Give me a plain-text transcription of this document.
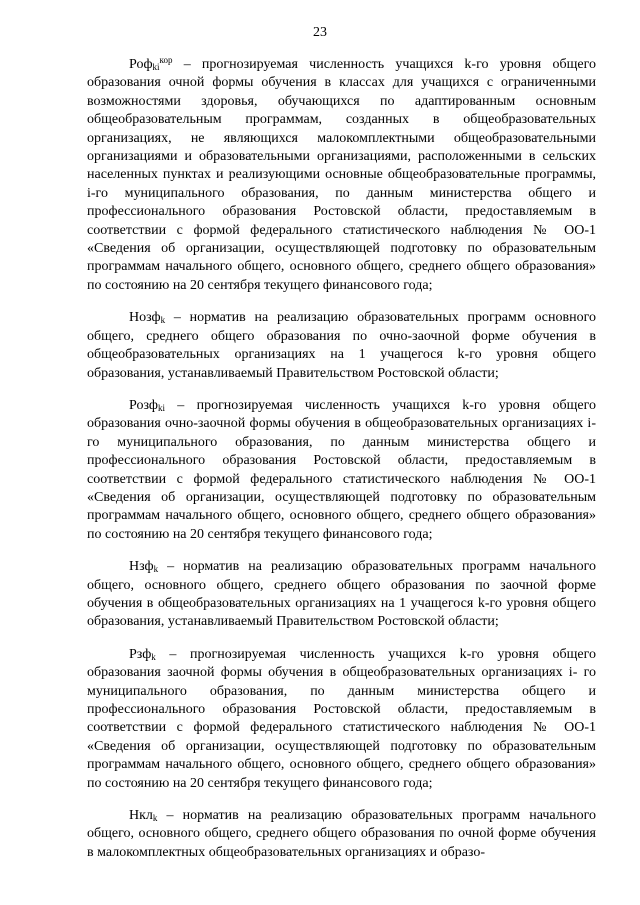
23

Роф$_{ki}^{кор}$ – прогнозируемая численность учащихся k-го уровня общего образования очной формы обучения в классах для учащихся с ограниченными возможностями здоровья, обучающихся по адаптированным основным общеобразовательным программам, созданных в общеобразовательных организациях, не являющихся малокомплектными общеобразовательными организациями и образовательными организациями, расположенными в сельских населенных пунктах и реализующими основные общеобразовательные программы, i-го муниципального образования, по данным министерства общего и профессионального образования Ростовской области, предоставляемым в соответствии с формой федерального статистического наблюдения № ОО-1 «Сведения об организации, осуществляющей подготовку по образовательным программам начального общего, основного общего, среднего общего образования» по состоянию на 20 сентября текущего финансового года;

Нозф$_k$ – норматив на реализацию образовательных программ основного общего, среднего общего образования по очно-заочной форме обучения в общеобразовательных организациях на 1 учащегося k-го уровня общего образования, устанавливаемый Правительством Ростовской области;

Розф$_{ki}$ – прогнозируемая численность учащихся k-го уровня общего образования очно-заочной формы обучения в общеобразовательных организациях i-го муниципального образования, по данным министерства общего и профессионального образования Ростовской области, предоставляемым в соответствии с формой федерального статистического наблюдения № ОО-1 «Сведения об организации, осуществляющей подготовку по образовательным программам начального общего, основного общего, среднего общего образования» по состоянию на 20 сентября текущего финансового года;

Нзф$_k$ – норматив на реализацию образовательных программ начального общего, основного общего, среднего общего образования по заочной форме обучения в общеобразовательных организациях на 1 учащегося k-го уровня общего образования, устанавливаемый Правительством Ростовской области;

Рзф$_k$ – прогнозируемая численность учащихся k-го уровня общего образования заочной формы обучения в общеобразовательных организациях i- го муниципального образования, по данным министерства общего и профессионального образования Ростовской области, предоставляемым в соответствии с формой федерального статистического наблюдения № ОО-1 «Сведения об организации, осуществляющей подготовку по образовательным программам начального общего, основного общего, среднего общего образования» по состоянию на 20 сентября текущего финансового года;

Нкл$_k$ – норматив на реализацию образовательных программ начального общего, основного общего, среднего общего образования по очной форме обучения в малокомплектных общеобразовательных организациях и образо-
